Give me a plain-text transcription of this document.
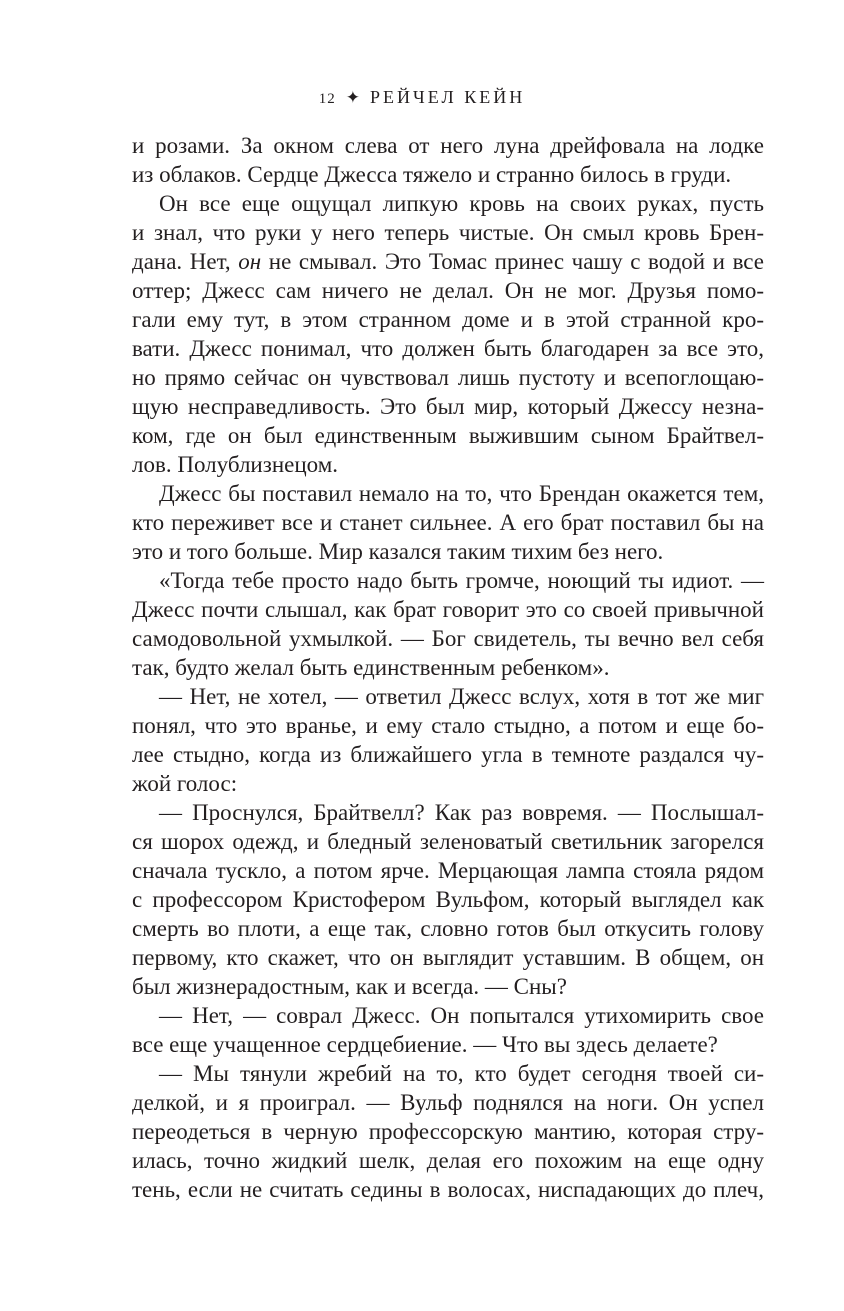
12 ✦ РЕЙЧЕЛ КЕЙН
и розами. За окном слева от него луна дрейфовала на лодке
из облаков. Сердце Джесса тяжело и странно билось в груди.
Он все еще ощущал липкую кровь на своих руках, пусть
и знал, что руки у него теперь чистые. Он смыл кровь Брен-
дана. Нет, он не смывал. Это Томас принес чашу с водой и все
оттер; Джесс сам ничего не делал. Он не мог. Друзья помо-
гали ему тут, в этом странном доме и в этой странной кро-
вати. Джесс понимал, что должен быть благодарен за все это,
но прямо сейчас он чувствовал лишь пустоту и всепоглощаю-
щую несправедливость. Это был мир, который Джессу незна-
ком, где он был единственным выжившим сыном Брайтвел-
лов. Полублизнецом.
Джесс бы поставил немало на то, что Брендан окажется тем,
кто переживет все и станет сильнее. А его брат поставил бы на
это и того больше. Мир казался таким тихим без него.
«Тогда тебе просто надо быть громче, ноющий ты идиот. —
Джесс почти слышал, как брат говорит это со своей привычной
самодовольной ухмылкой. — Бог свидетель, ты вечно вел себя
так, будто желал быть единственным ребенком».
— Нет, не хотел, — ответил Джесс вслух, хотя в тот же миг
понял, что это вранье, и ему стало стыдно, а потом и еще бо-
лее стыдно, когда из ближайшего угла в темноте раздался чу-
жой голос:
— Проснулся, Брайтвелл? Как раз вовремя. — Послышал-
ся шорох одежд, и бледный зеленоватый светильник загорелся
сначала тускло, а потом ярче. Мерцающая лампа стояла рядом
с профессором Кристофером Вульфом, который выглядел как
смерть во плоти, а еще так, словно готов был откусить голову
первому, кто скажет, что он выглядит уставшим. В общем, он
был жизнерадостным, как и всегда. — Сны?
— Нет, — соврал Джесс. Он попытался утихомирить свое
все еще учащенное сердцебиение. — Что вы здесь делаете?
— Мы тянули жребий на то, кто будет сегодня твоей си-
делкой, и я проиграл. — Вульф поднялся на ноги. Он успел
переодеться в черную профессорскую мантию, которая стру-
илась, точно жидкий шелк, делая его похожим на еще одну
тень, если не считать седины в волосах, ниспадающих до плеч,
